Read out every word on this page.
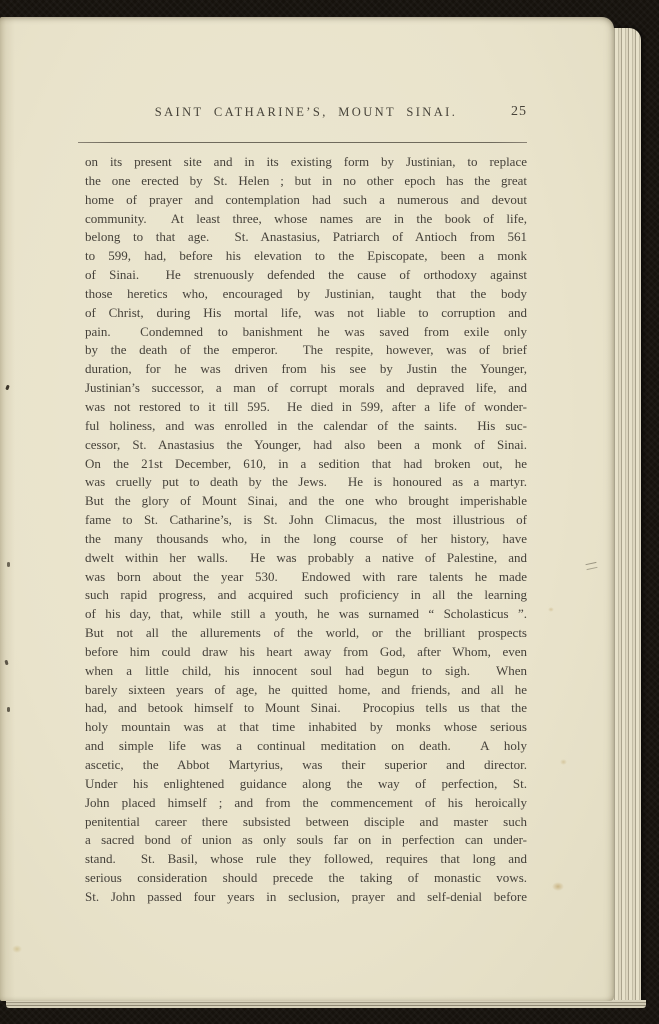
SAINT CATHARINE’S, MOUNT SINAI.	25
on its present site and in its existing form by Justinian, to replace
the one erected by St. Helen ; but in no other epoch has the great
home of prayer and contemplation had such a numerous and devout
community.  At least three, whose names are in the book of life,
belong to that age.  St. Anastasius, Patriarch of Antioch from 561
to 599, had, before his elevation to the Episcopate, been a monk
of Sinai.  He strenuously defended the cause of orthodoxy against
those heretics who, encouraged by Justinian, taught that the body
of Christ, during His mortal life, was not liable to corruption and
pain.  Condemned to banishment he was saved from exile only
by the death of the emperor.  The respite, however, was of brief
duration, for he was driven from his see by Justin the Younger,
Justinian’s successor, a man of corrupt morals and depraved life, and
was not restored to it till 595.  He died in 599, after a life of wonder-
ful holiness, and was enrolled in the calendar of the saints.  His suc-
cessor, St. Anastasius the Younger, had also been a monk of Sinai.
On the 21st December, 610, in a sedition that had broken out, he
was cruelly put to death by the Jews.  He is honoured as a martyr.
But the glory of Mount Sinai, and the one who brought imperishable
fame to St. Catharine’s, is St. John Climacus, the most illustrious of
the many thousands who, in the long course of her history, have
dwelt within her walls.  He was probably a native of Palestine, and
was born about the year 530.  Endowed with rare talents he made
such rapid progress, and acquired such proficiency in all the learning
of his day, that, while still a youth, he was surnamed “ Scholasticus ”.
But not all the allurements of the world, or the brilliant prospects
before him could draw his heart away from God, after Whom, even
when a little child, his innocent soul had begun to sigh.  When
barely sixteen years of age, he quitted home, and friends, and all he
had, and betook himself to Mount Sinai.  Procopius tells us that the
holy mountain was at that time inhabited by monks whose serious
and simple life was a continual meditation on death.  A holy
ascetic, the Abbot Martyrius, was their superior and director.
Under his enlightened guidance along the way of perfection, St.
John placed himself ; and from the commencement of his heroically
penitential career there subsisted between disciple and master such
a sacred bond of union as only souls far on in perfection can under-
stand.  St. Basil, whose rule they followed, requires that long and
serious consideration should precede the taking of monastic vows.
St. John passed four years in seclusion, prayer and self-denial before
